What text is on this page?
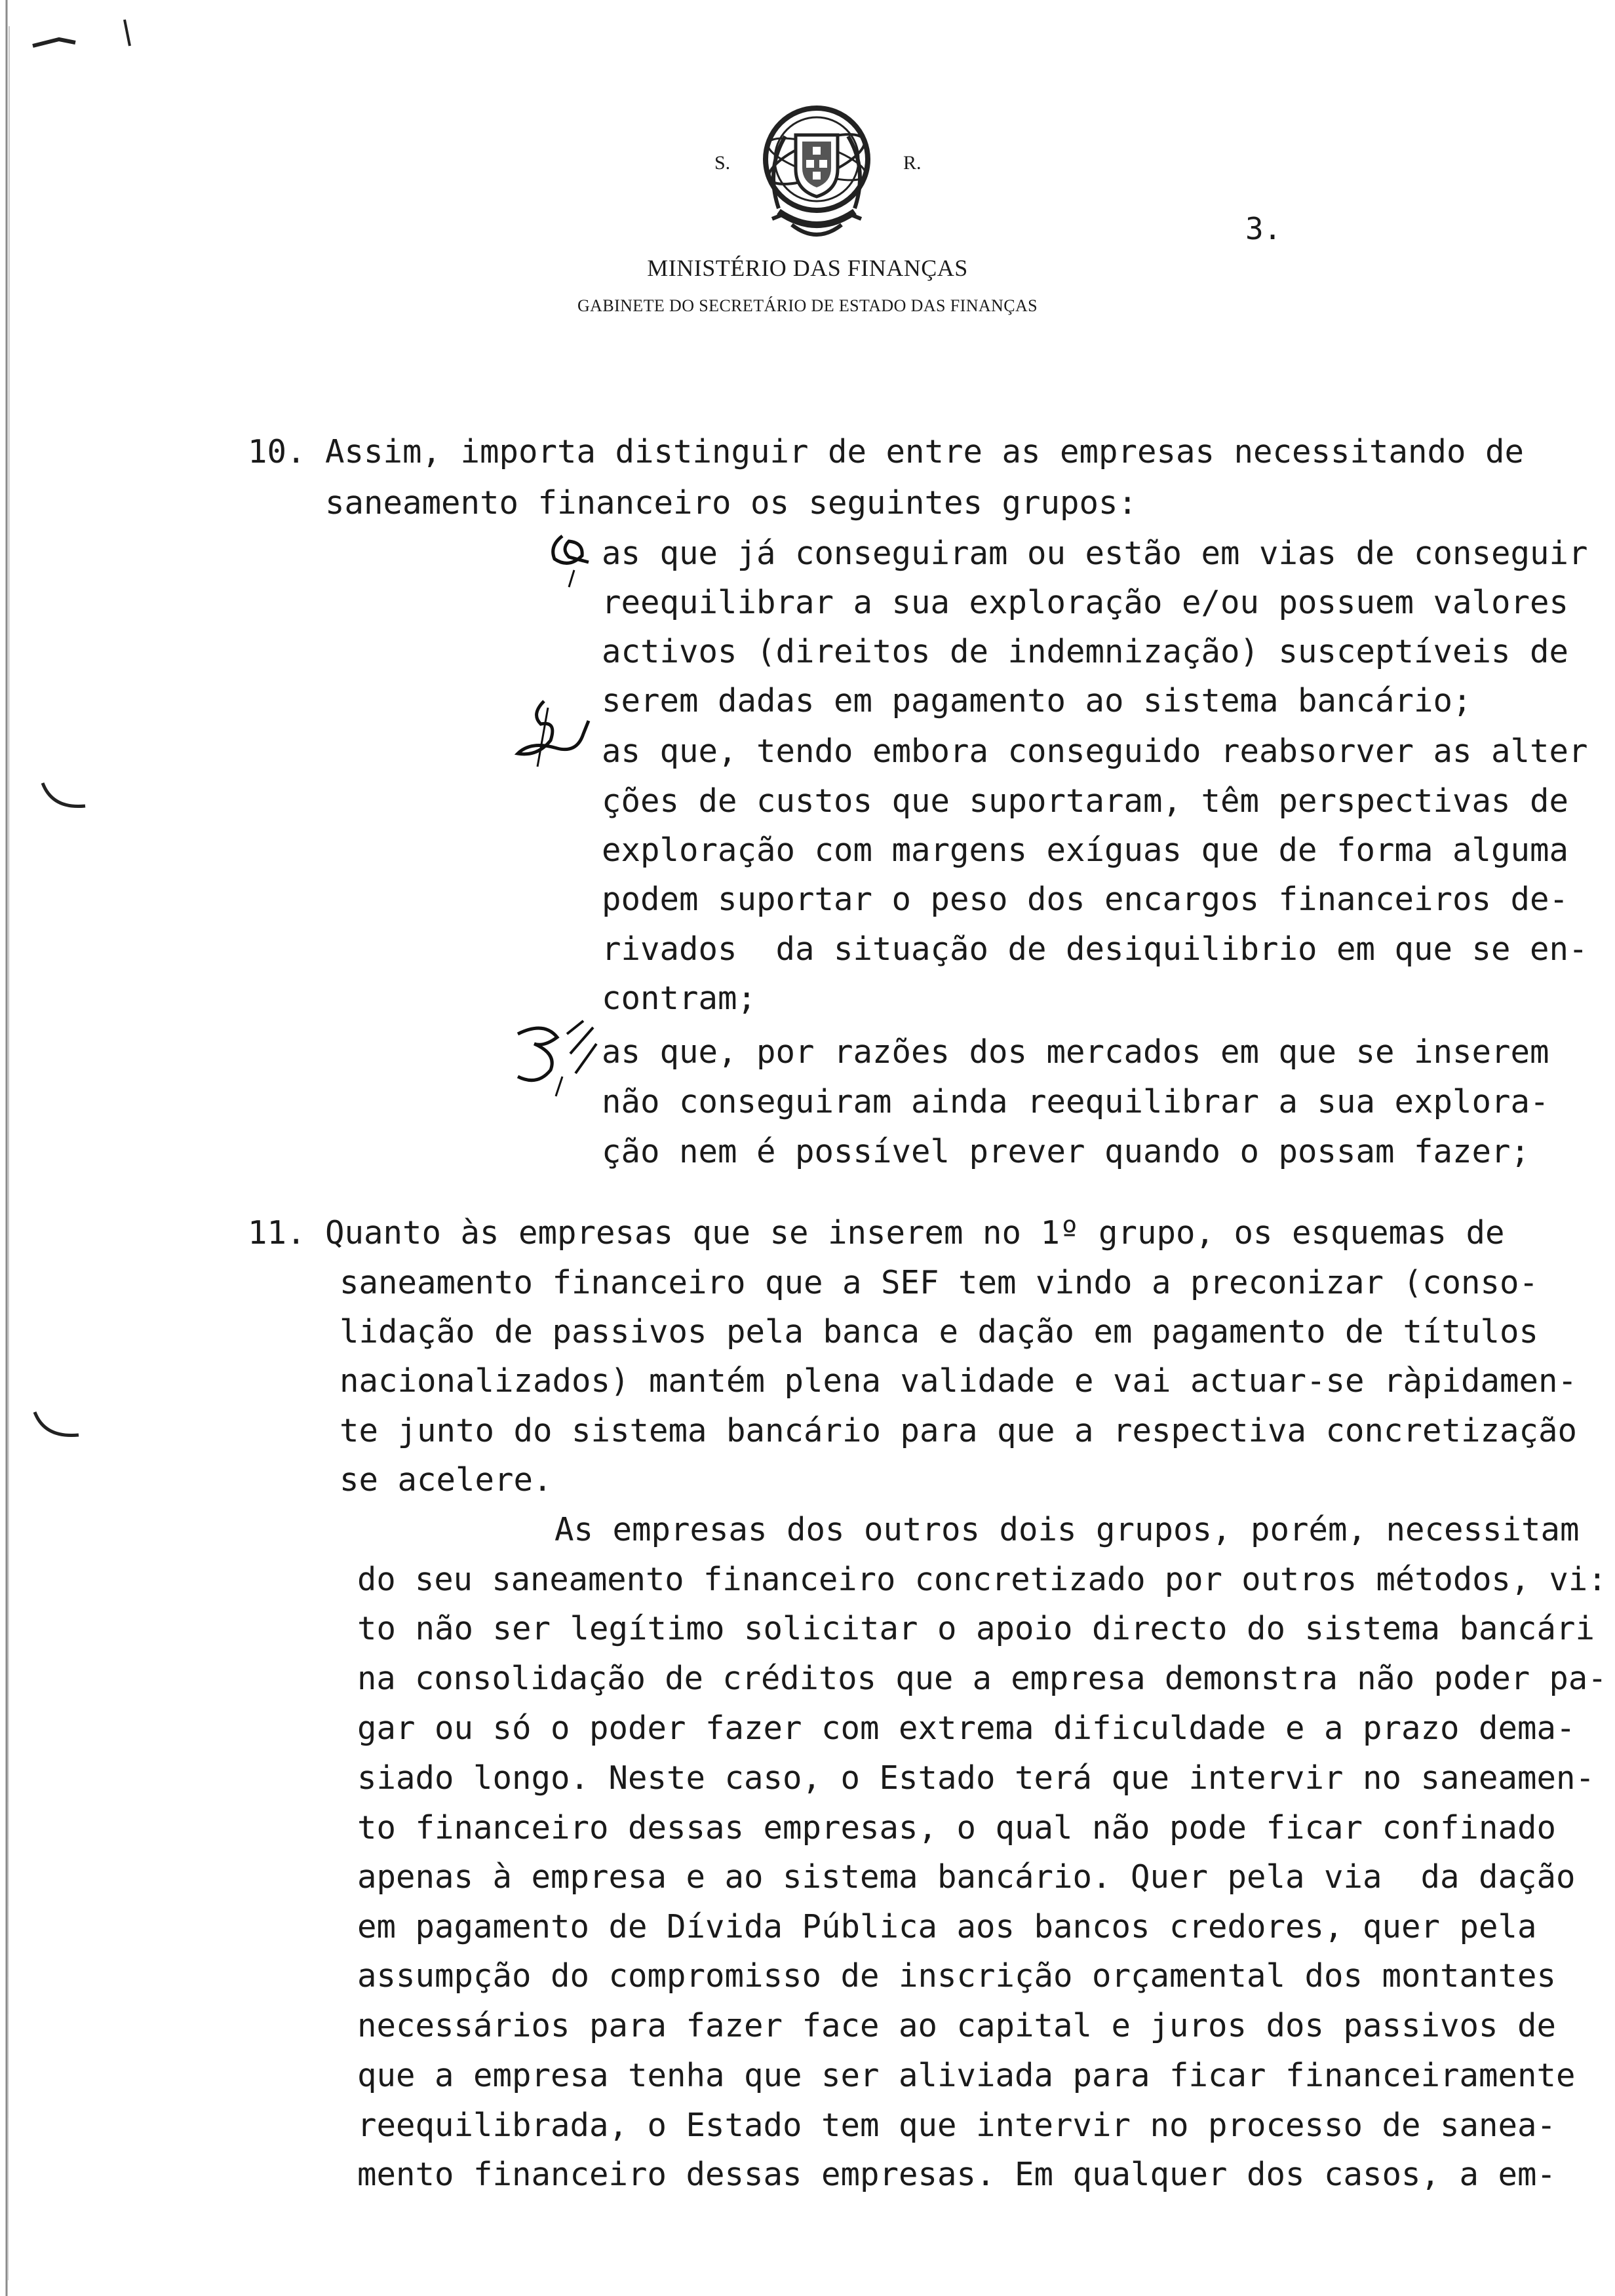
S.	R.
3.
MINISTÉRIO DAS FINANÇAS
GABINETE DO SECRETÁRIO DE ESTADO DAS FINANÇAS
10. Assim, importa distinguir de entre as empresas necessitando de
saneamento financeiro os seguintes grupos:
as que já conseguiram ou estão em vias de conseguir
reequilibrar a sua exploração e/ou possuem valores
activos (direitos de indemnização) susceptíveis de
serem dadas em pagamento ao sistema bancário;
as que, tendo embora conseguido reabsorver as alter
ções de custos que suportaram, têm perspectivas de
exploração com margens exíguas que de forma alguma
podem suportar o peso dos encargos financeiros de-
rivados  da situação de desiquilibrio em que se en-
contram;
as que, por razões dos mercados em que se inserem
não conseguiram ainda reequilibrar a sua explora-
ção nem é possível prever quando o possam fazer;
11. Quanto às empresas que se inserem no 1º grupo, os esquemas de
saneamento financeiro que a SEF tem vindo a preconizar (conso-
lidação de passivos pela banca e dação em pagamento de títulos
nacionalizados) mantém plena validade e vai actuar-se ràpidamen-
te junto do sistema bancário para que a respectiva concretização
se acelere.
As empresas dos outros dois grupos, porém, necessitam
do seu saneamento financeiro concretizado por outros métodos, vi:
to não ser legítimo solicitar o apoio directo do sistema bancári
na consolidação de créditos que a empresa demonstra não poder pa-
gar ou só o poder fazer com extrema dificuldade e a prazo dema-
siado longo. Neste caso, o Estado terá que intervir no saneamen-
to financeiro dessas empresas, o qual não pode ficar confinado
apenas à empresa e ao sistema bancário. Quer pela via  da dação
em pagamento de Dívida Pública aos bancos credores, quer pela
assumpção do compromisso de inscrição orçamental dos montantes
necessários para fazer face ao capital e juros dos passivos de
que a empresa tenha que ser aliviada para ficar financeiramente
reequilibrada, o Estado tem que intervir no processo de sanea-
mento financeiro dessas empresas. Em qualquer dos casos, a em-
